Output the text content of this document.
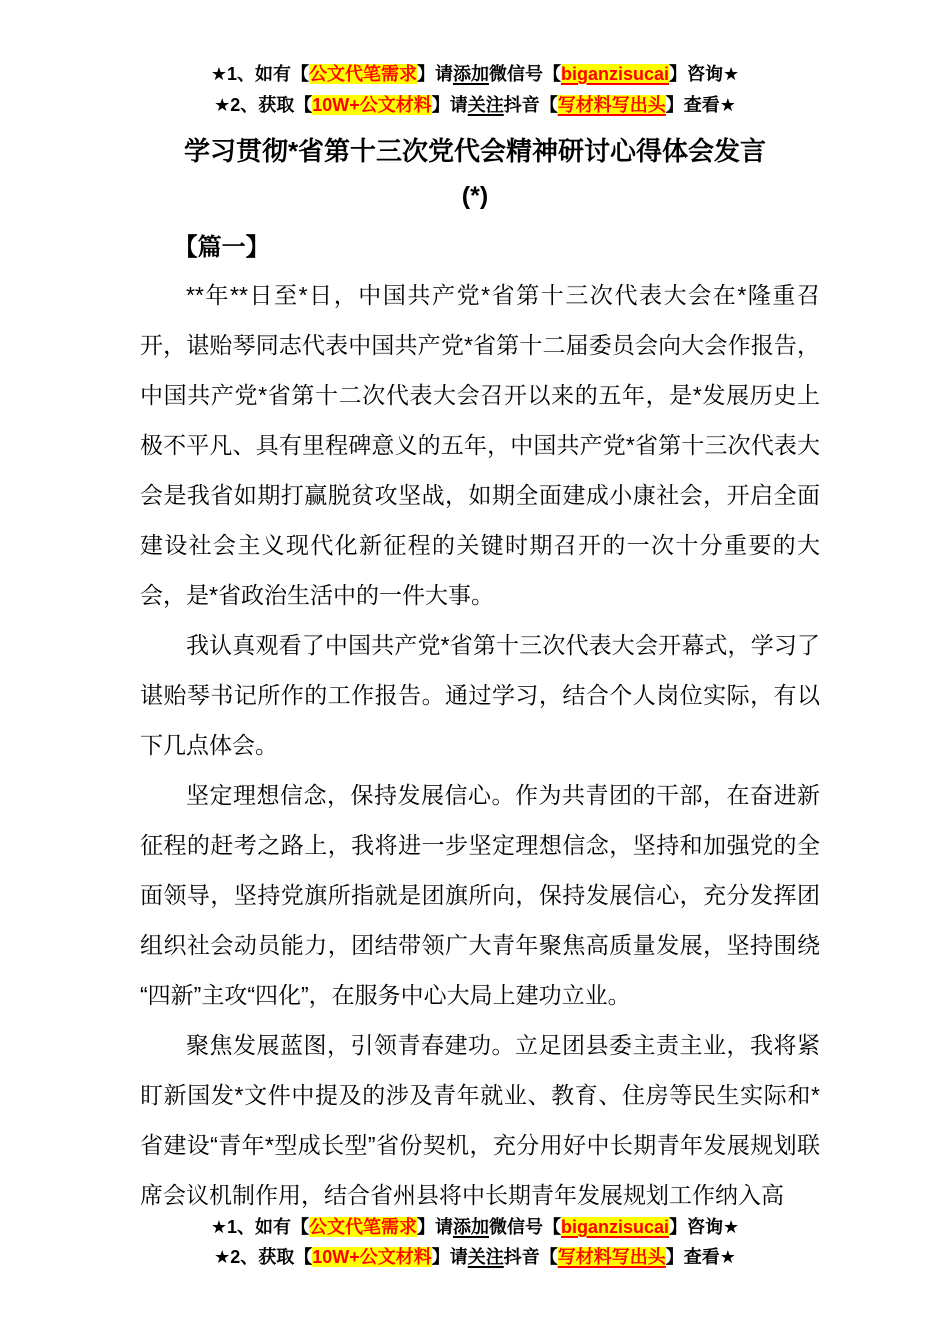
★1、如有【公文代笔需求】请添加微信号【biganzisucai】咨询★
★2、获取【10W+公文材料】请关注抖音【写材料写出头】查看★
学习贯彻*省第十三次党代会精神研讨心得体会发言
(*)
【篇一】

**年**日至*日，中国共产党*省第十三次代表大会在*隆重召开，谌贻琴同志代表中国共产党*省第十二届委员会向大会作报告，中国共产党*省第十二次代表大会召开以来的五年，是*发展历史上极不平凡、具有里程碑意义的五年，中国共产党*省第十三次代表大会是我省如期打赢脱贫攻坚战，如期全面建成小康社会，开启全面建设社会主义现代化新征程的关键时期召开的一次十分重要的大会，是*省政治生活中的一件大事。

我认真观看了中国共产党*省第十三次代表大会开幕式，学习了谌贻琴书记所作的工作报告。通过学习，结合个人岗位实际，有以下几点体会。

坚定理想信念，保持发展信心。作为共青团的干部，在奋进新征程的赶考之路上，我将进一步坚定理想信念，坚持和加强党的全面领导，坚持党旗所指就是团旗所向，保持发展信心，充分发挥团组织社会动员能力，团结带领广大青年聚焦高质量发展，坚持围绕“四新”主攻“四化”，在服务中心大局上建功立业。

聚焦发展蓝图，引领青春建功。立足团县委主责主业，我将紧盯新国发*文件中提及的涉及青年就业、教育、住房等民生实际和*省建设“青年*型成长型”省份契机，充分用好中长期青年发展规划联席会议机制作用，结合省州县将中长期青年发展规划工作纳入高

★1、如有【公文代笔需求】请添加微信号【biganzisucai】咨询★
★2、获取【10W+公文材料】请关注抖音【写材料写出头】查看★
